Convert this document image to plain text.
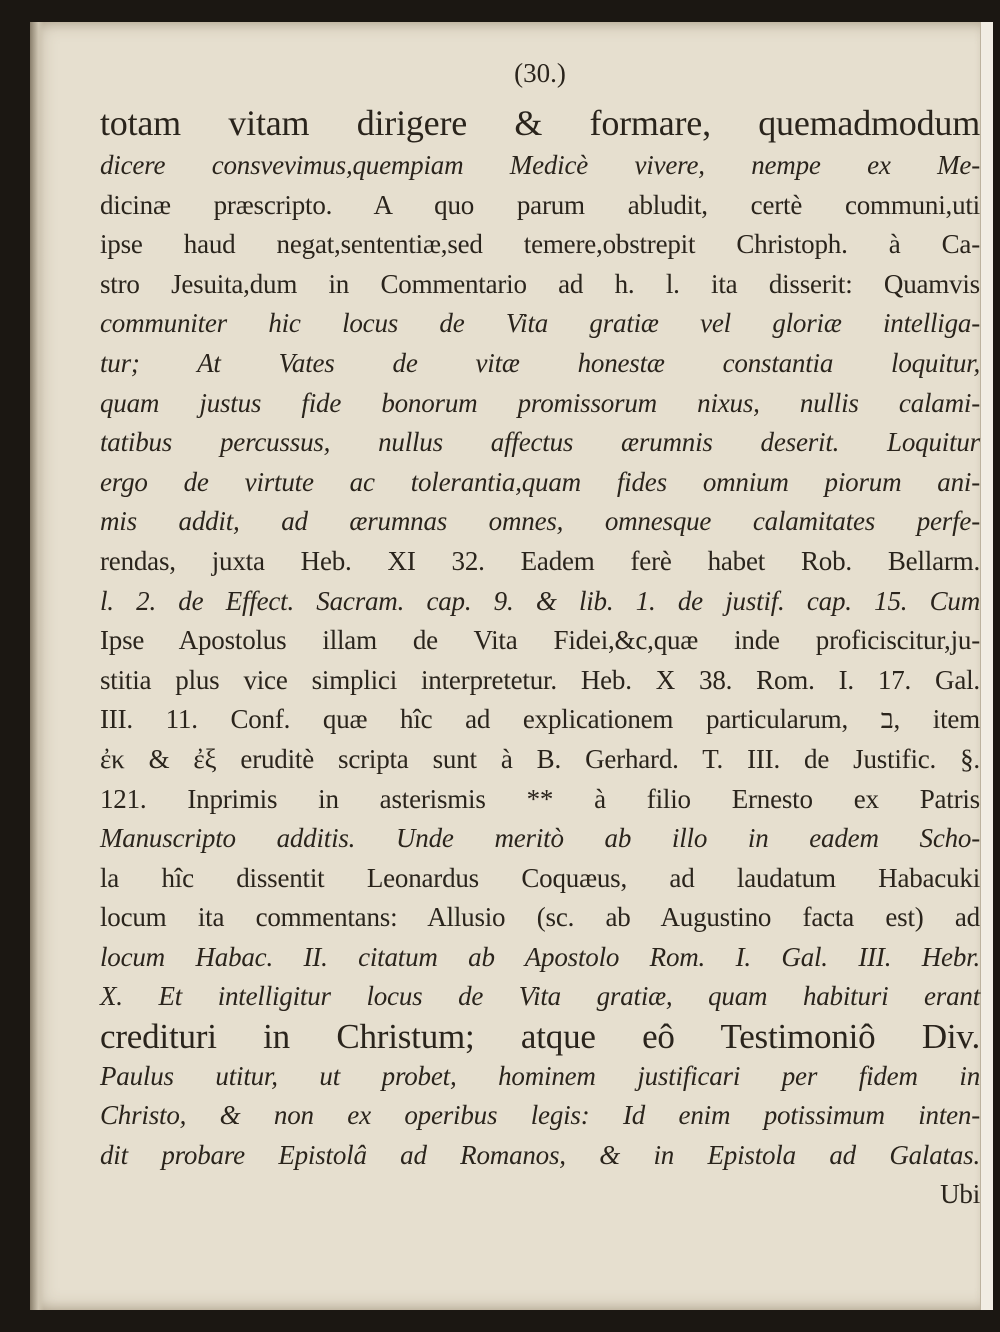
(30.)
totam vitam dirigere & formare, quemadmodum
dicere consvevimus,quempiam Medicè vivere, nempe ex Me-
dicinæ præscripto. A quo parum abludit, certè communi,uti
ipse haud negat,sententiæ,sed temere,obstrepit Christoph. à Ca-
stro Jesuita,dum in Commentario ad h. l. ita disserit: Quamvis
communiter hic locus de Vita gratiæ vel gloriæ intelliga-
tur; At Vates de vitæ honestæ constantia loquitur,
quam justus fide bonorum promissorum nixus, nullis calami-
tatibus percussus, nullus affectus ærumnis deserit. Loquitur
ergo de virtute ac tolerantia,quam fides omnium piorum ani-
mis addit, ad ærumnas omnes, omnesque calamitates perfe-
rendas, juxta Heb. XI 32. Eadem ferè habet Rob. Bellarm.
l. 2. de Effect. Sacram. cap. 9. & lib. 1. de justif. cap. 15. Cum
Ipse Apostolus illam de Vita Fidei,&c,quæ inde proficiscitur,ju-
stitia plus vice simplici interpretetur. Heb. X 38. Rom. I. 17. Gal.
III. 11. Conf. quæ hîc ad explicationem particularum, ב, item
ἐκ & ἐξ eruditè scripta sunt à B. Gerhard. T. III. de Justific. §.
121. Inprimis in asterismis ** à filio Ernesto ex Patris
Manuscripto additis. Unde meritò ab illo in eadem Scho-
la hîc dissentit Leonardus Coquæus, ad laudatum Habacuki
locum ita commentans: Allusio (sc. ab Augustino facta est) ad
locum Habac. II. citatum ab Apostolo Rom. I. Gal. III. Hebr.
X. Et intelligitur locus de Vita gratiæ, quam habituri erant
credituri in Christum; atque eô Testimoniô Div.
Paulus utitur, ut probet, hominem justificari per fidem in
Christo, & non ex operibus legis: Id enim potissimum inten-
dit probare Epistolâ ad Romanos, & in Epistola ad Galatas.
Ubi
